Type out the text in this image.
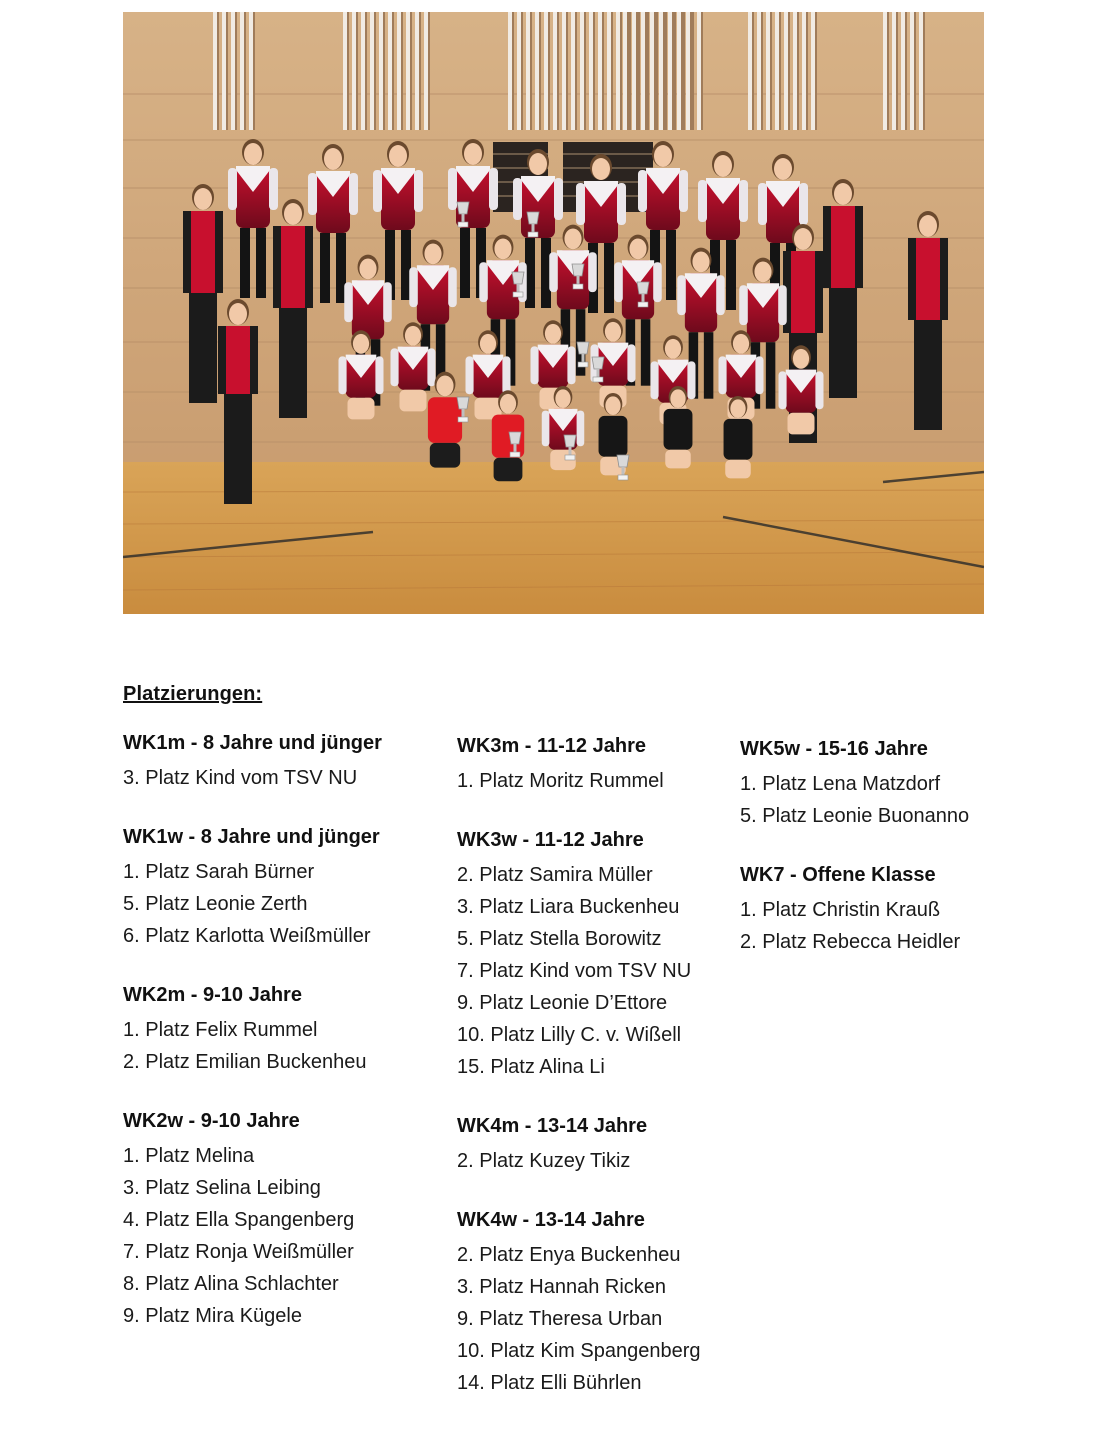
Platzierungen:
WK1m - 8 Jahre und jünger
3. Platz Kind vom TSV NU
WK1w - 8 Jahre und jünger
1. Platz Sarah Bürner
5. Platz Leonie Zerth
6. Platz Karlotta Weißmüller
WK2m - 9-10 Jahre
1. Platz Felix Rummel
2. Platz Emilian Buckenheu
WK2w - 9-10 Jahre
1. Platz Melina
3. Platz Selina Leibing
4. Platz Ella Spangenberg
7. Platz Ronja Weißmüller
8. Platz Alina Schlachter
9. Platz Mira Kügele
WK3m - 11-12 Jahre
1. Platz Moritz Rummel
WK3w - 11-12 Jahre
2. Platz Samira Müller
3. Platz Liara Buckenheu
5. Platz Stella Borowitz
7. Platz Kind vom TSV NU
9. Platz Leonie D’Ettore
10. Platz Lilly C. v. Wißell
15. Platz Alina Li
WK4m - 13-14 Jahre
2. Platz Kuzey Tikiz
WK4w - 13-14 Jahre
2. Platz Enya Buckenheu
3. Platz Hannah Ricken
9. Platz Theresa Urban
10. Platz Kim Spangenberg
14. Platz Elli Bührlen
WK5w - 15-16 Jahre
1. Platz Lena Matzdorf
5. Platz Leonie Buonanno
WK7 - Offene Klasse
1. Platz Christin Krauß
2. Platz Rebecca Heidler
